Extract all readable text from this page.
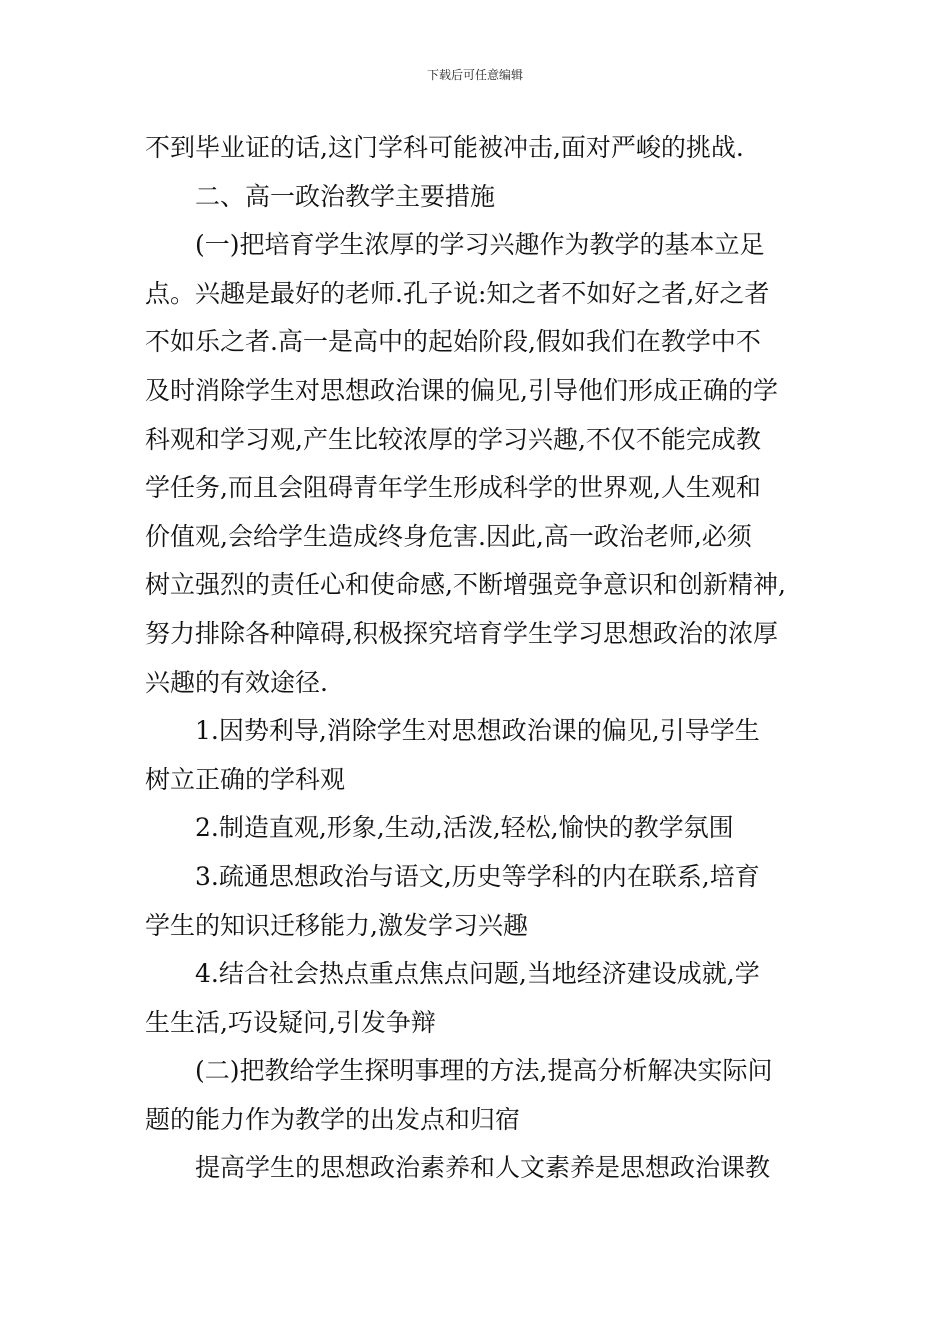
下载后可任意编辑

不到毕业证的话,这门学科可能被冲击,面对严峻的挑战.

　　二、高一政治教学主要措施

　　(一)把培育学生浓厚的学习兴趣作为教学的基本立足

点。兴趣是最好的老师.孔子说:知之者不如好之者,好之者

不如乐之者.高一是高中的起始阶段,假如我们在教学中不

及时消除学生对思想政治课的偏见,引导他们形成正确的学

科观和学习观,产生比较浓厚的学习兴趣,不仅不能完成教

学任务,而且会阻碍青年学生形成科学的世界观,人生观和

价值观,会给学生造成终身危害.因此,高一政治老师,必须

树立强烈的责任心和使命感,不断增强竞争意识和创新精神,

努力排除各种障碍,积极探究培育学生学习思想政治的浓厚

兴趣的有效途径.

　　1.因势利导,消除学生对思想政治课的偏见,引导学生

树立正确的学科观

　　2.制造直观,形象,生动,活泼,轻松,愉快的教学氛围

　　3.疏通思想政治与语文,历史等学科的内在联系,培育

学生的知识迁移能力,激发学习兴趣

　　4.结合社会热点重点焦点问题,当地经济建设成就,学

生生活,巧设疑问,引发争辩

　　(二)把教给学生探明事理的方法,提高分析解决实际问

题的能力作为教学的出发点和归宿

　　提高学生的思想政治素养和人文素养是思想政治课教
